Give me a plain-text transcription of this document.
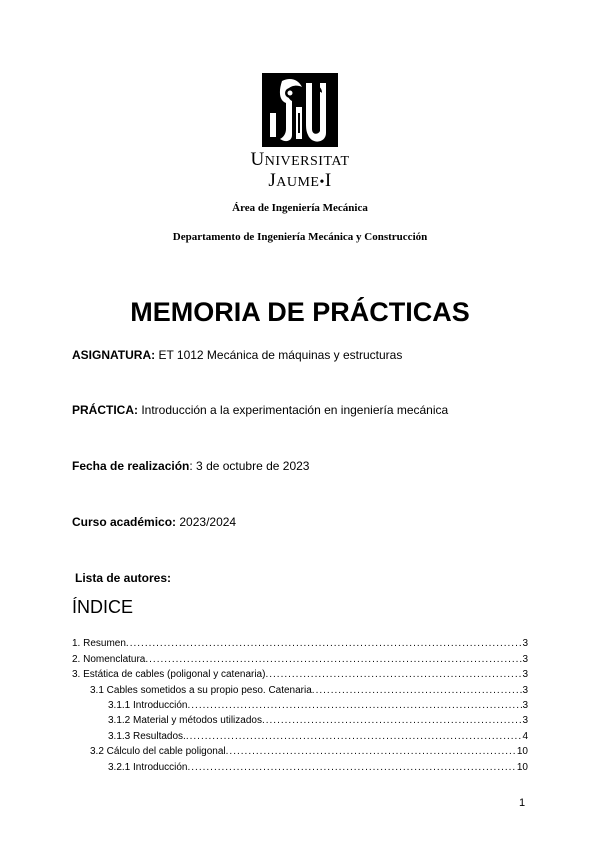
UNIVERSITAT
JAUME•I
Área de Ingeniería Mecánica
Departamento de Ingeniería Mecánica y Construcción
MEMORIA DE PRÁCTICAS
ASIGNATURA: ET 1012 Mecánica de máquinas y estructuras
PRÁCTICA: Introducción a la experimentación en ingeniería mecánica
Fecha de realización: 3 de octubre de 2023
Curso académico: 2023/2024
Lista de autores:
ÍNDICE
1. Resumen .....	3
2. Nomenclatura .....	3
3. Estática de cables (poligonal y catenaria) .....	3
3.1 Cables sometidos a su propio peso. Catenaria .....	3
3.1.1 Introducción .....	3
3.1.2 Material y métodos utilizados .....	3
3.1.3 Resultados. .....	4
3.2 Cálculo del cable poligonal .....	10
3.2.1 Introducción .....	10
1
